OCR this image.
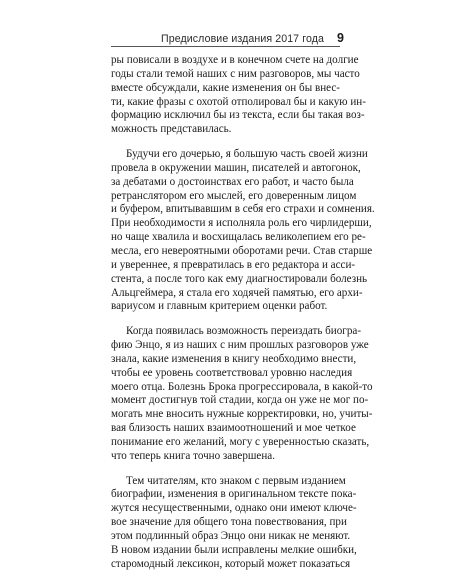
Предисловие издания 2017 года 9
ры повисали в воздухе и в конечном счете на долгие
годы стали темой наших с ним разговоров, мы часто
вместе обсуждали, какие изменения он бы внес-
ти, какие фразы с охотой отполировал бы и какую ин-
формацию исключил бы из текста, если бы такая воз-
можность представилась.
Будучи его дочерью, я большую часть своей жизни
провела в окружении машин, писателей и автогонок,
за дебатами о достоинствах его работ, и часто была
ретранслятором его мыслей, его доверенным лицом
и буфером, впитывавшим в себя его страхи и сомнения.
При необходимости я исполняла роль его чирлидерши,
но чаще хвалила и восхищалась великолепием его ре-
месла, его невероятными оборотами речи. Став старше
и увереннее, я превратилась в его редактора и асси-
стента, а после того как ему диагностировали болезнь
Альцгеймера, я стала его ходячей памятью, его архи-
вариусом и главным критерием оценки работ.
Когда появилась возможность переиздать биогра-
фию Энцо, я из наших с ним прошлых разговоров уже
знала, какие изменения в книгу необходимо внести,
чтобы ее уровень соответствовал уровню наследия
моего отца. Болезнь Брока прогрессировала, в какой-то
момент достигнув той стадии, когда он уже не мог по-
могать мне вносить нужные корректировки, но, учиты-
вая близость наших взаимоотношений и мое четкое
понимание его желаний, могу с уверенностью сказать,
что теперь книга точно завершена.
Тем читателям, кто знаком с первым изданием
биографии, изменения в оригинальном тексте пока-
жутся несущественными, однако они имеют ключе-
вое значение для общего тона повествования, при
этом подлинный образ Энцо они никак не меняют.
В новом издании были исправлены мелкие ошибки,
старомодный лексикон, который может показаться
